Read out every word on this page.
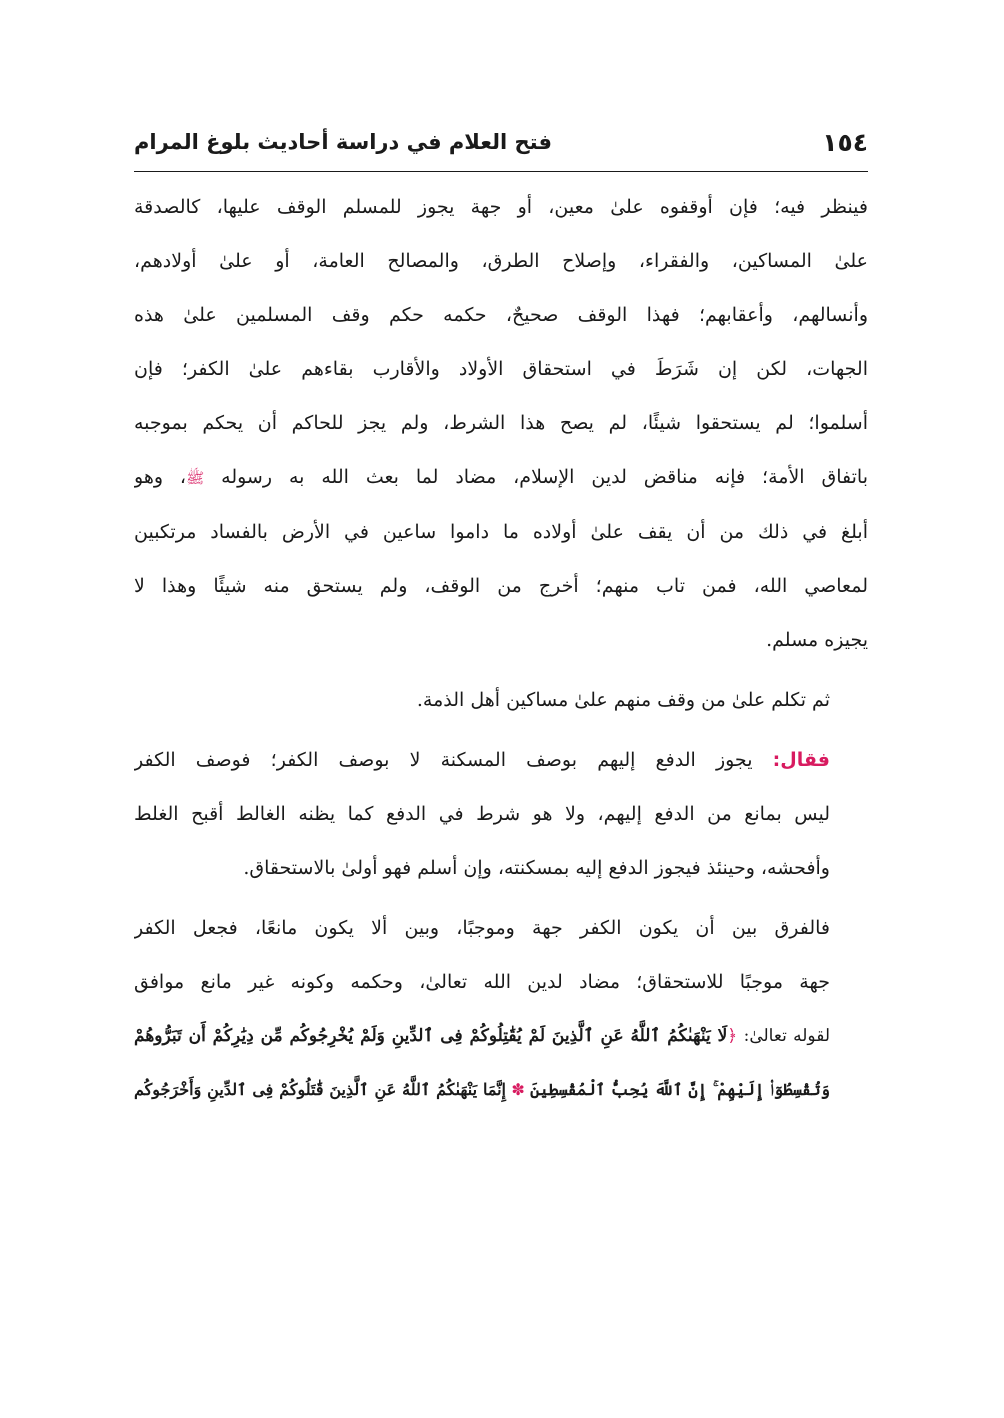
١٥٤
فتح العلام في دراسة أحاديث بلوغ المرام
فينظر فيه؛ فإن أوقفوه علىٰ معين، أو جهة يجوز للمسلم الوقف عليها، كالصدقة
علىٰ المساكين، والفقراء، وإصلاح الطرق، والمصالح العامة، أو علىٰ أولادهم،
وأنسالهم، وأعقابهم؛ فهذا الوقف صحيحٌ، حكمه حكم وقف المسلمين علىٰ هذه
الجهات، لكن إن شَرَطَ في استحقاق الأولاد والأقارب بقاءهم علىٰ الكفر؛ فإن
أسلموا؛ لم يستحقوا شيئًا، لم يصح هذا الشرط، ولم يجز للحاكم أن يحكم بموجبه
باتفاق الأمة؛ فإنه مناقض لدين الإسلام، مضاد لما بعث الله به رسوله ﷺ، وهو
أبلغ في ذلك من أن يقف علىٰ أولاده ما داموا ساعين في الأرض بالفساد مرتكبين
لمعاصي الله، فمن تاب منهم؛ أخرج من الوقف، ولم يستحق منه شيئًا وهذا لا
يجيزه مسلم.
ثم تكلم علىٰ من وقف منهم علىٰ مساكين أهل الذمة.
فقال: يجوز الدفع إليهم بوصف المسكنة لا بوصف الكفر؛ فوصف الكفر
ليس بمانع من الدفع إليهم، ولا هو شرط في الدفع كما يظنه الغالط أقبح الغلط
وأفحشه، وحينئذ فيجوز الدفع إليه بمسكنته، وإن أسلم فهو أولىٰ بالاستحقاق.
فالفرق بين أن يكون الكفر جهة وموجبًا، وبين ألا يكون مانعًا، فجعل الكفر
جهة موجبًا للاستحقاق؛ مضاد لدين الله تعالىٰ، وحكمه وكونه غير مانع موافق
لقوله تعالىٰ: ﴿لَا يَنْهَىٰكُمُ ٱللَّهُ عَنِ ٱلَّذِينَ لَمْ يُقَٰتِلُوكُمْ فِى ٱلدِّينِ وَلَمْ يُخْرِجُوكُم مِّن دِيَٰرِكُمْ أَن تَبَرُّوهُمْ
وَتُقْسِطُوٓا۟ إِلَيْهِمْ ۚ إِنَّ ٱللَّهَ يُحِبُّ ٱلْمُقْسِطِينَ ✽ إِنَّمَا يَنْهَىٰكُمُ ٱللَّهُ عَنِ ٱلَّذِينَ قَٰتَلُوكُمْ فِى ٱلدِّينِ وَأَخْرَجُوكُم
